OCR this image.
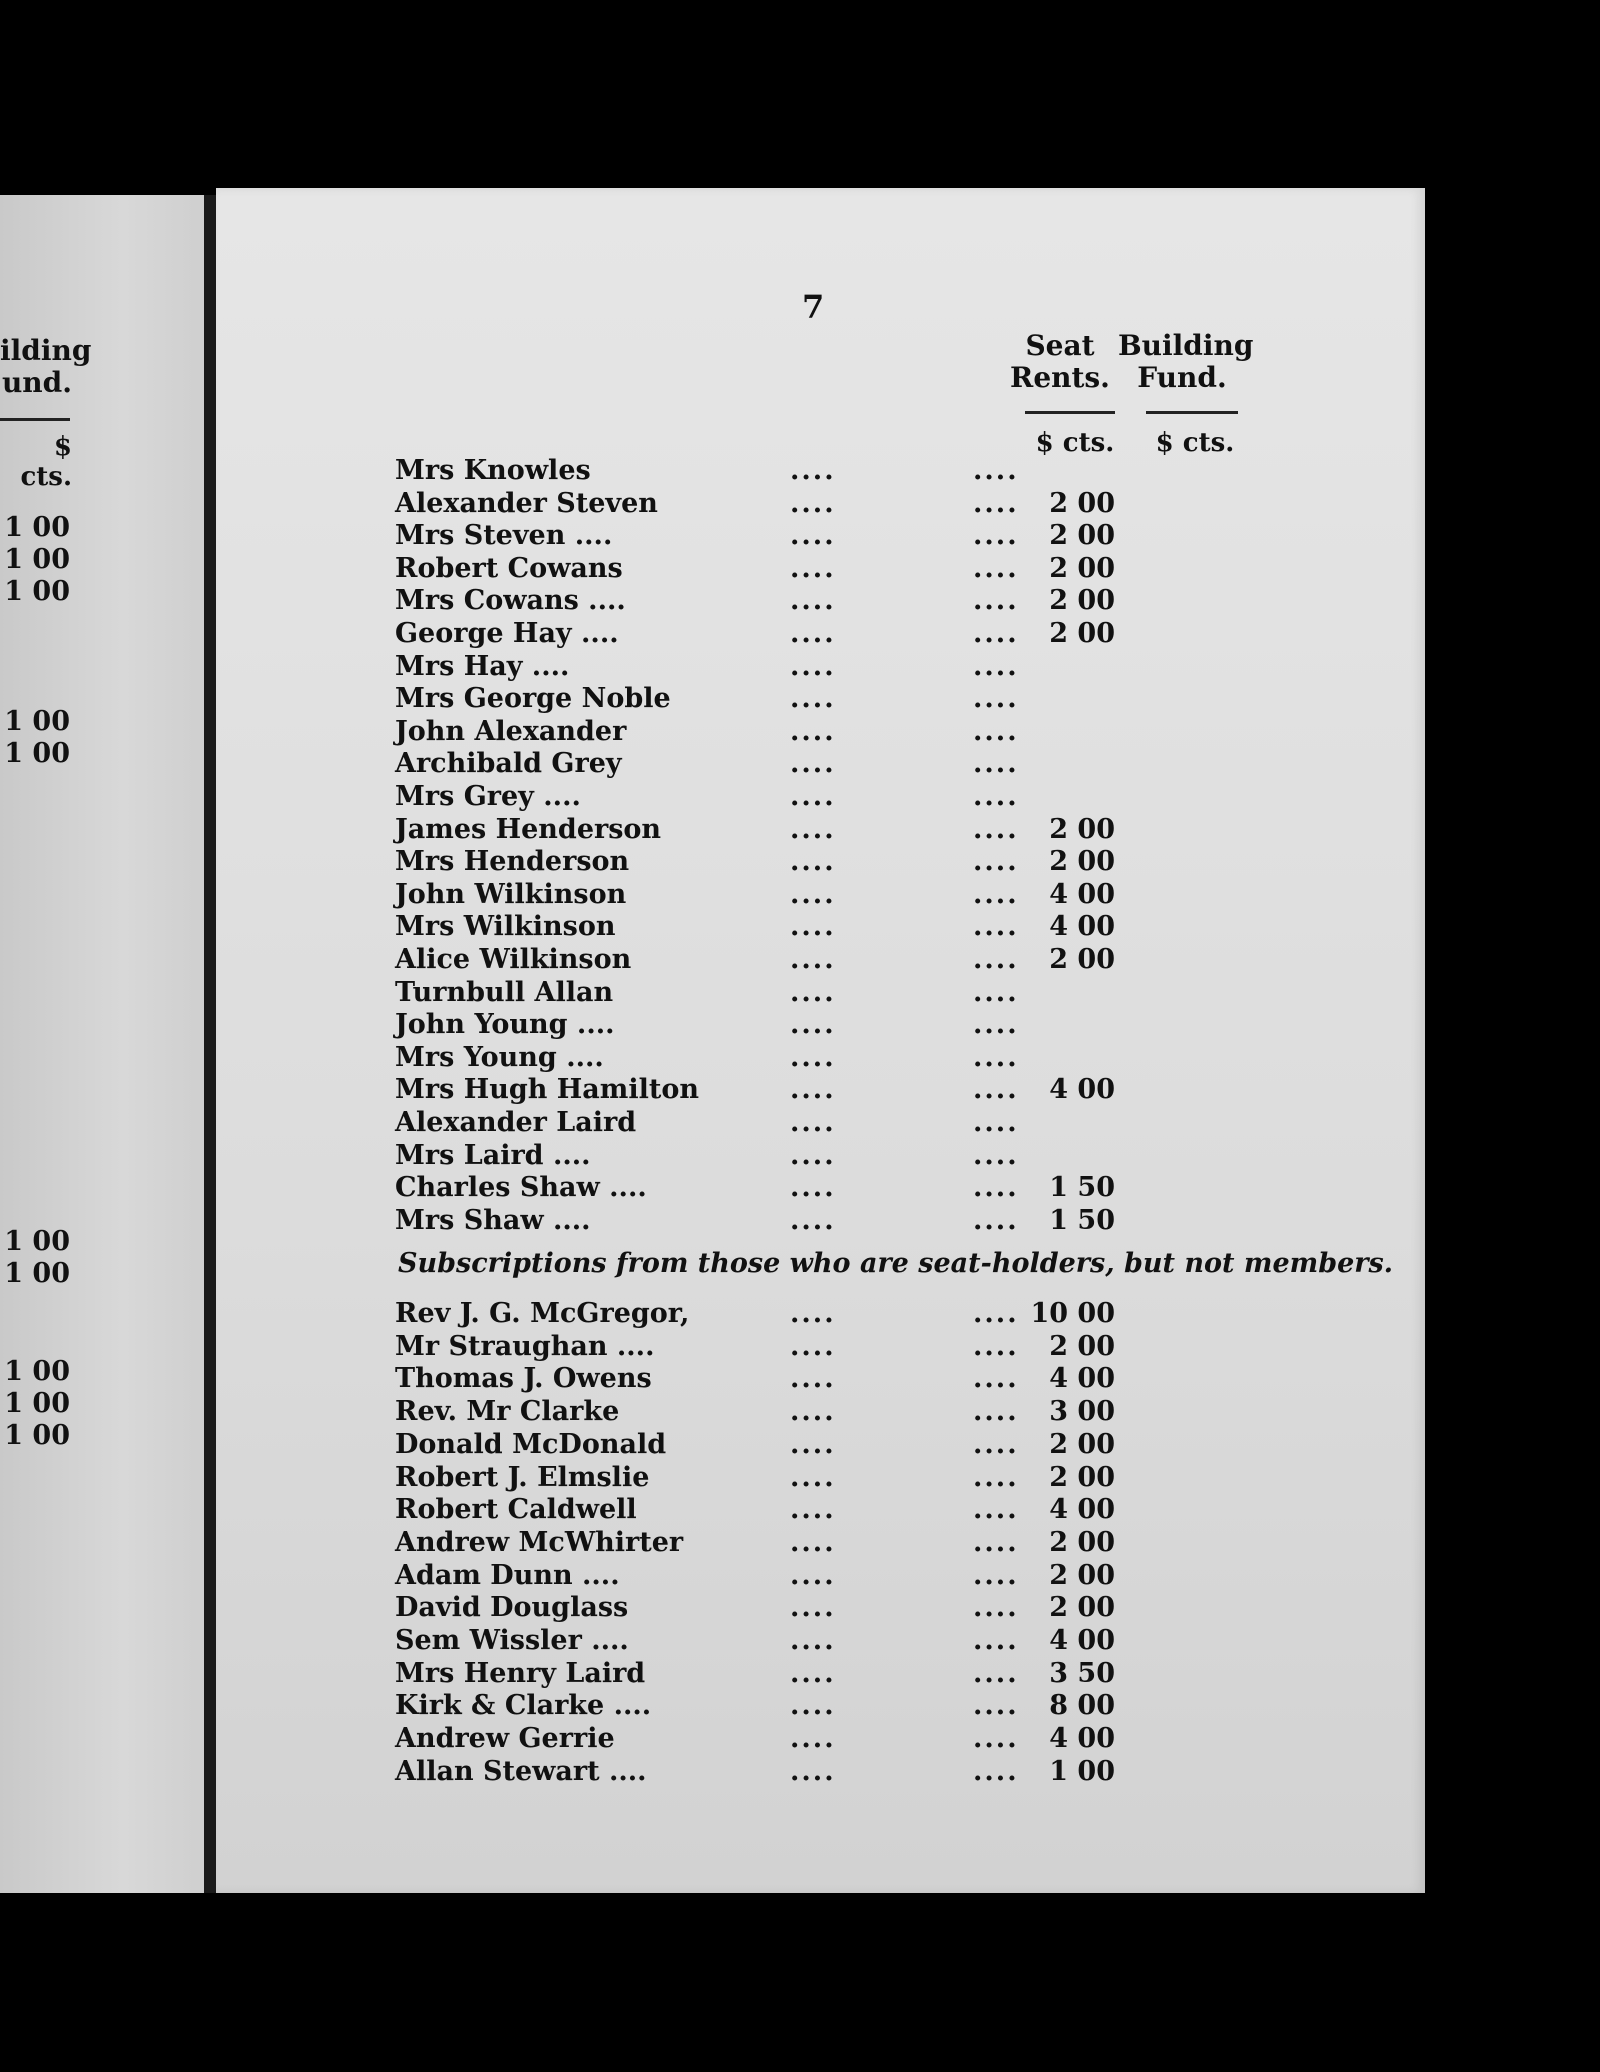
ilding
und.
$ cts.
1 00
1 00
1 00
1 00
1 00
1 00
1 00
1 00
1 00
1 00
7
Seat
Rents.
Building
Fund.
$ cts. $ cts.
Mrs Knowles	....	....
Alexander Steven	....	....	2 00
Mrs Steven ....	....	....	2 00
Robert Cowans	....	....	2 00
Mrs Cowans ....	....	....	2 00
George Hay ....	....	....	2 00
Mrs Hay ....	....	....
Mrs George Noble	....	....
John Alexander	....	....
Archibald Grey	....	....
Mrs Grey ....	....	....
James Henderson	....	....	2 00
Mrs Henderson	....	....	2 00
John Wilkinson	....	....	4 00
Mrs Wilkinson	....	....	4 00
Alice Wilkinson	....	....	2 00
Turnbull Allan	....	....
John Young ....	....	....
Mrs Young ....	....	....
Mrs Hugh Hamilton	....	....	4 00
Alexander Laird	....	....
Mrs Laird ....	....	....
Charles Shaw ....	....	....	1 50
Mrs Shaw ....	....	....	1 50
Subscriptions from those who are seat-holders, but not members.
Rev J. G. McGregor,	....	.... 10 00
Mr Straughan ....	....	....	2 00
Thomas J. Owens	....	....	4 00
Rev. Mr Clarke	....	....	3 00
Donald McDonald	....	....	2 00
Robert J. Elmslie	....	....	2 00
Robert Caldwell	....	....	4 00
Andrew McWhirter	....	....	2 00
Adam Dunn ....	....	....	2 00
David Douglass	....	....	2 00
Sem Wissler ....	....	....	4 00
Mrs Henry Laird	....	....	3 50
Kirk & Clarke ....	....	....	8 00
Andrew Gerrie	....	....	4 00
Allan Stewart ....	....	....	1 00
